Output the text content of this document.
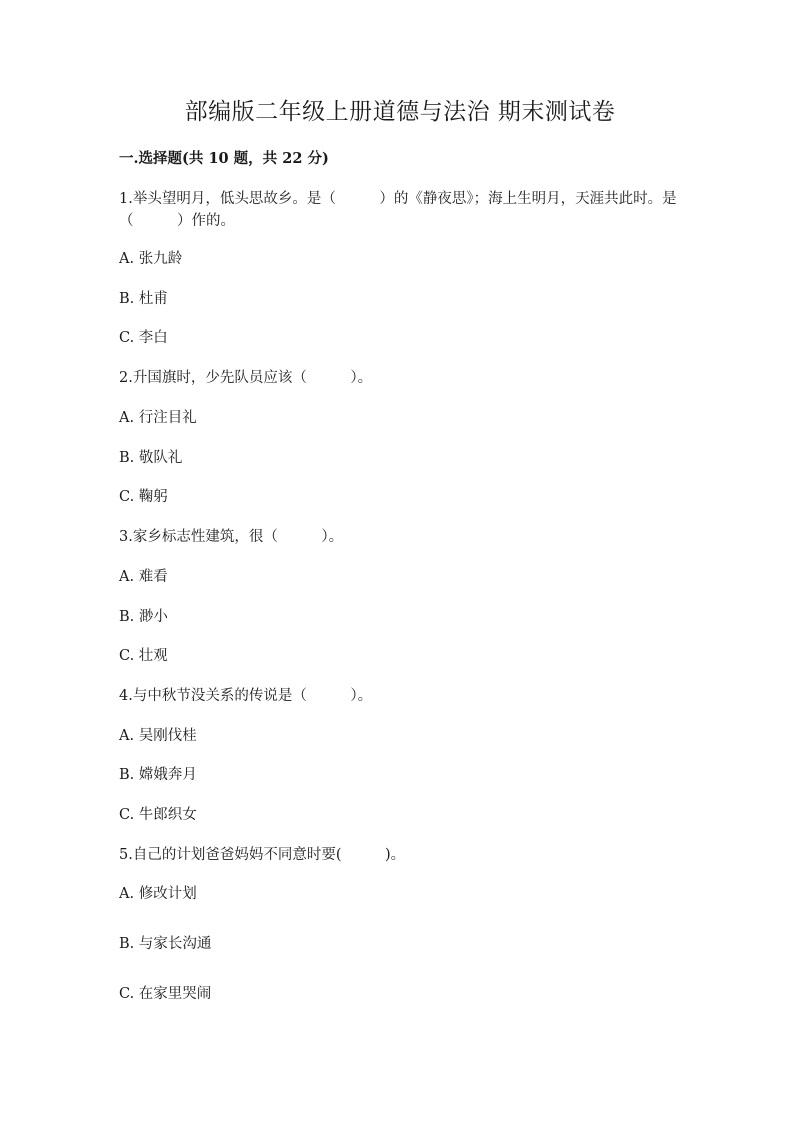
部编版二年级上册道德与法治 期末测试卷
一.选择题(共 10 题，共 22 分)
1.举头望明月，低头思故乡。是（　　　）的《静夜思》；海上生明月，天涯共此时。是（　　　）作的。
A. 张九龄
B. 杜甫
C. 李白
2.升国旗时，少先队员应该（　　　）。
A. 行注目礼
B. 敬队礼
C. 鞠躬
3.家乡标志性建筑，很（　　　）。
A. 难看
B. 渺小
C. 壮观
4.与中秋节没关系的传说是（　　　）。
A. 吴刚伐桂
B. 嫦娥奔月
C. 牛郎织女
5.自己的计划爸爸妈妈不同意时要(　　　)。
A. 修改计划
B. 与家长沟通
C. 在家里哭闹
